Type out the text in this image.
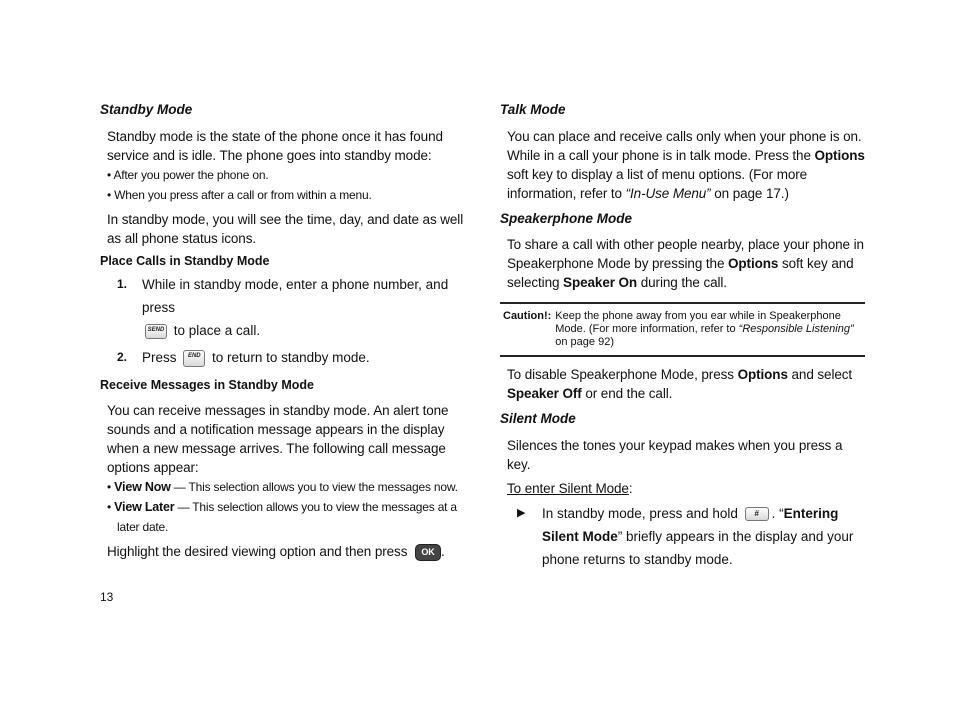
Standby Mode

Standby mode is the state of the phone once it has found service and is idle. The phone goes into standby mode:

• After you power the phone on.

• When you press after a call or from within a menu.

In standby mode, you will see the time, day, and date as well as all phone status icons.

Place Calls in Standby Mode

1. While in standby mode, enter a phone number, and press
SEND to place a call.
2. Press END to return to standby mode.

Receive Messages in Standby Mode

You can receive messages in standby mode. An alert tone sounds and a notification message appears in the display when a new message arrives. The following call message options appear:

• View Now — This selection allows you to view the messages now.

• View Later — This selection allows you to view the messages at a later date.

Highlight the desired viewing option and then press OK .

Talk Mode

You can place and receive calls only when your phone is on. While in a call your phone is in talk mode. Press the Options soft key to display a list of menu options. (For more information, refer to “In-Use Menu” on page 17.)

Speakerphone Mode

To share a call with other people nearby, place your phone in Speakerphone Mode by pressing the Options soft key and selecting Speaker On during the call.

Caution!: Keep the phone away from you ear while in Speakerphone Mode. (For more information, refer to “Responsible Listening” on page 92)

To disable Speakerphone Mode, press Options and select Speaker Off or end the call.

Silent Mode

Silences the tones your keypad makes when you press a key.

To enter Silent Mode:

▶ In standby mode, press and hold # . “Entering Silent Mode” briefly appears in the display and your phone returns to standby mode.
13
